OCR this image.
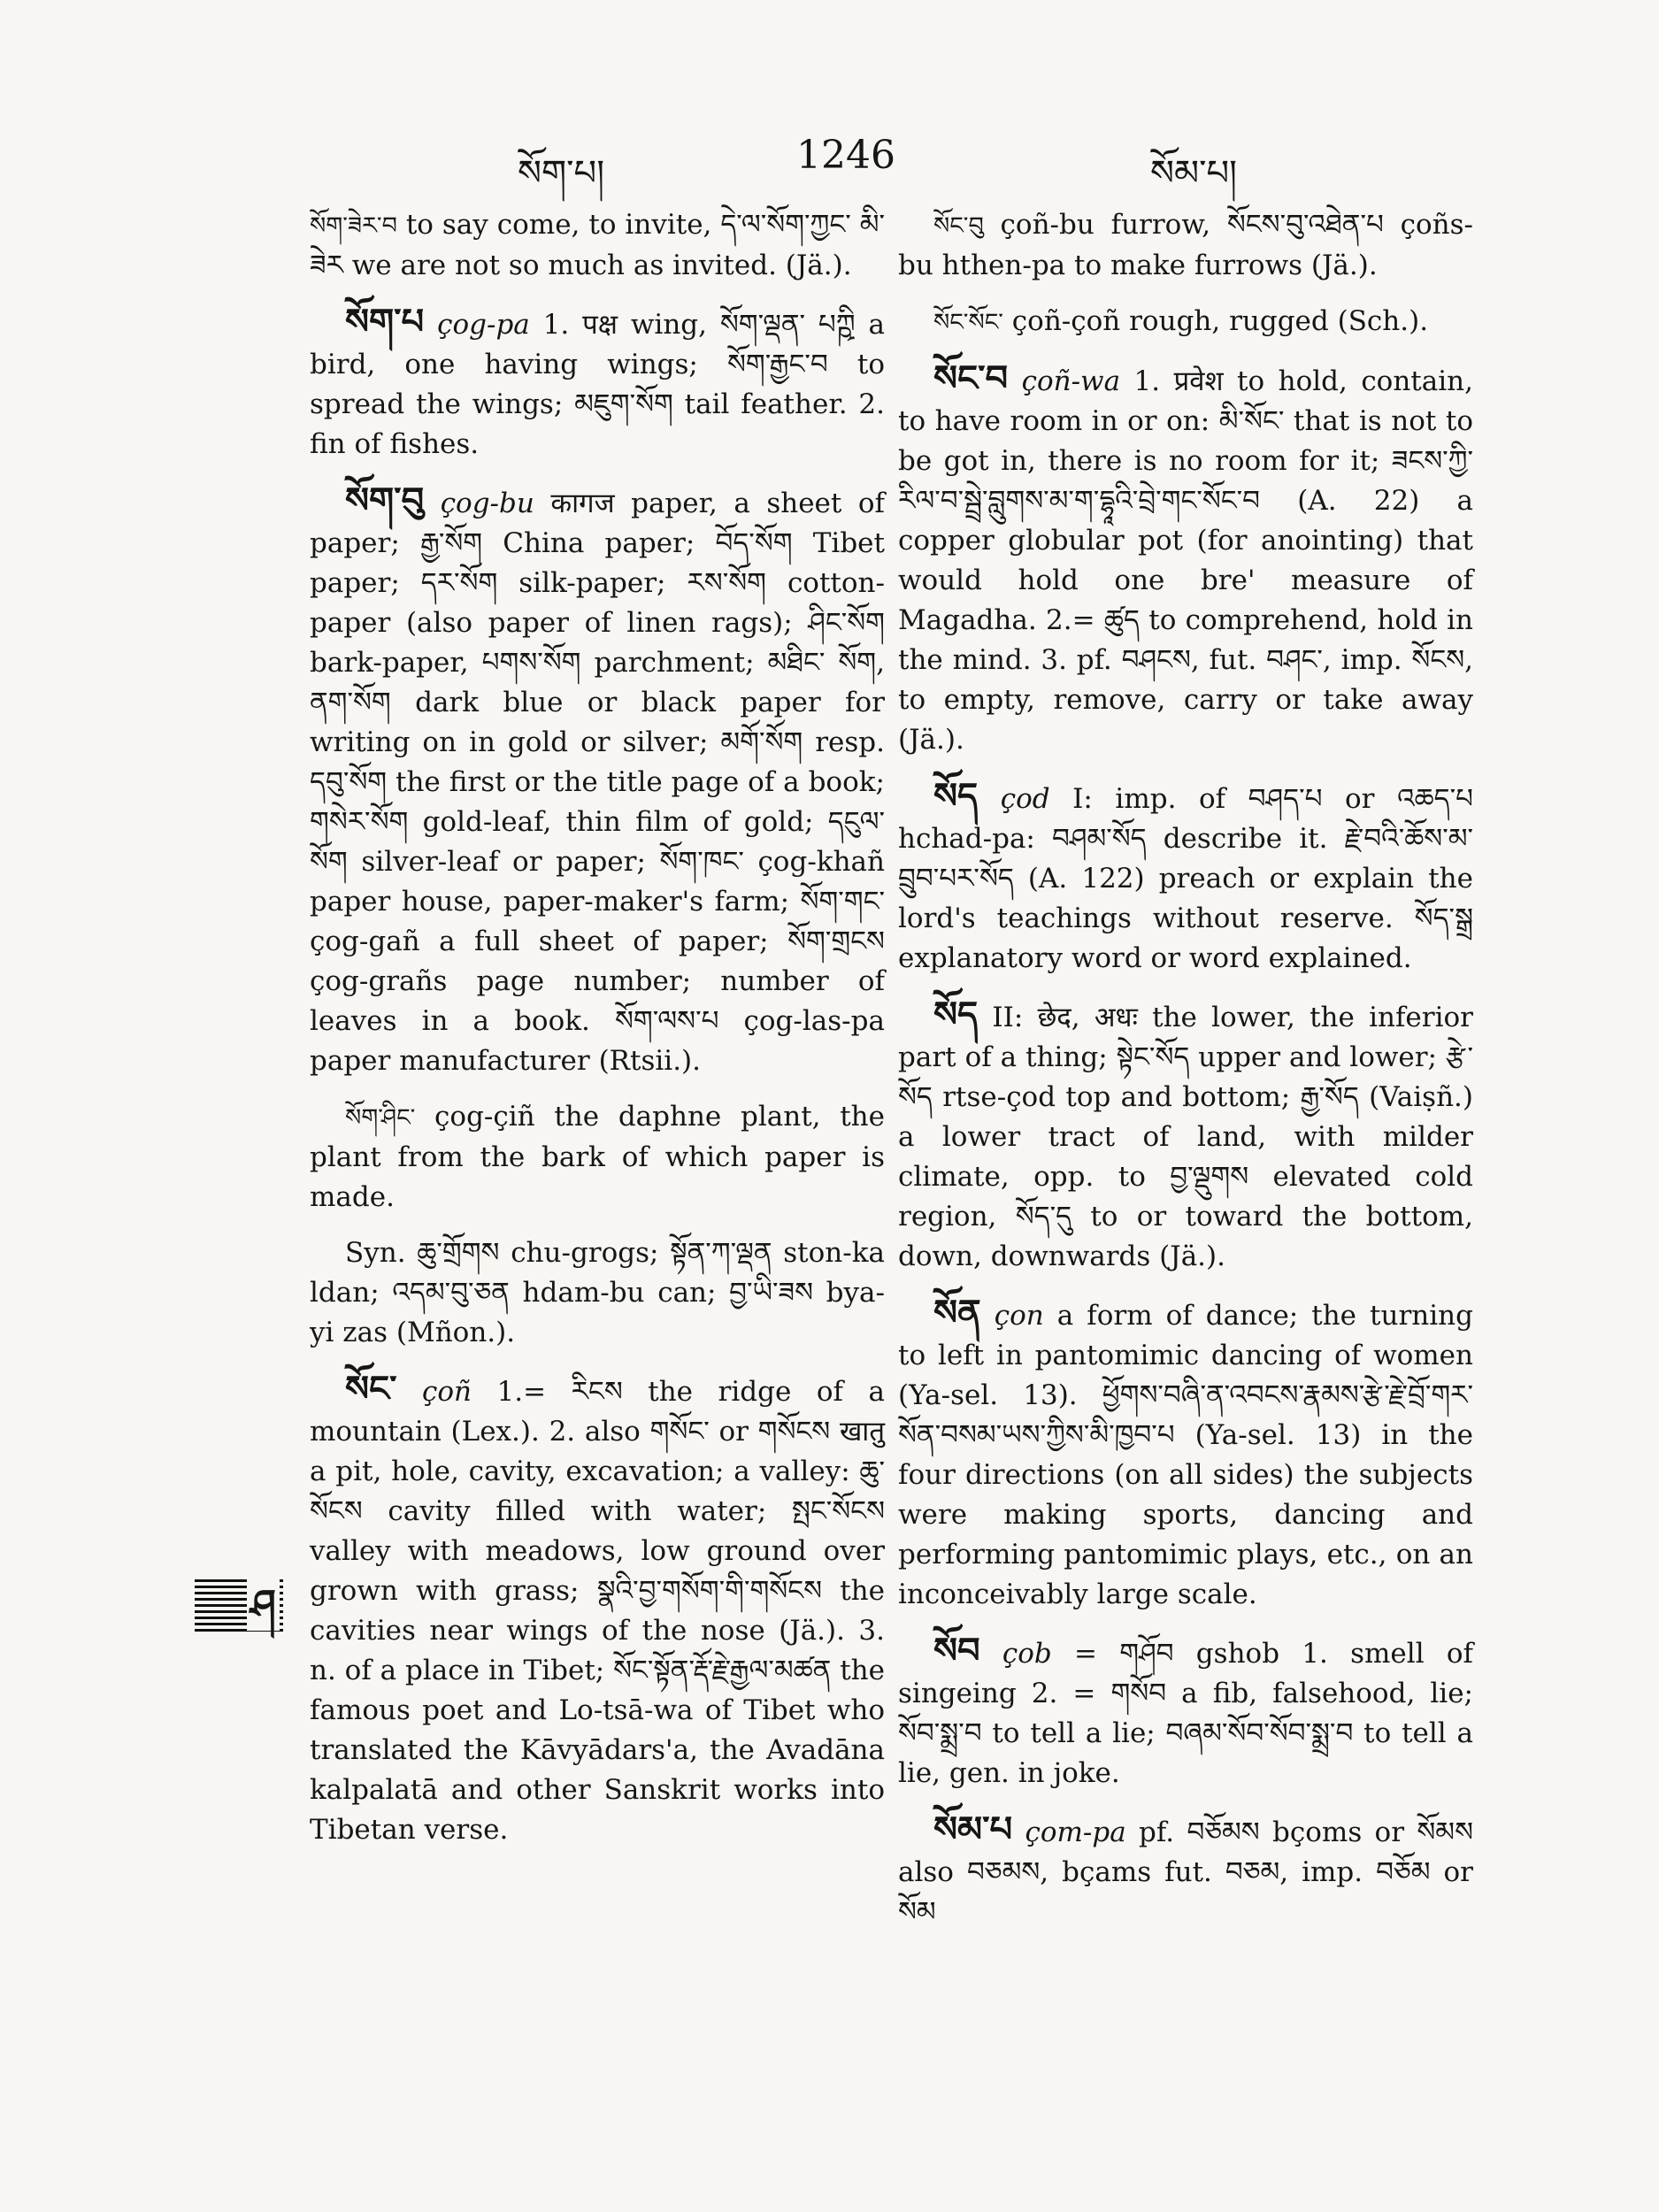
སོག་པ།	1246	སོམ་པ།
ཤ

སོག་ཟེར་བ to say come, to invite, དེ་ལ་སོག་ཀྱང་ མི་ཟེར we are not so much as invited. (Jä.).

སོག་པ çog-pa 1. पक्ष wing, སོག་ལྡན་ པཀྵི a bird, one having wings; སོག་རྒྱང་བ to spread the wings; མཇུག་སོག tail feather. 2. fin of fishes.

སོག་བུ çog-bu कागज paper, a sheet of paper; རྒྱ་སོག China paper; བོད་སོག Tibet paper; དར་སོག silk-paper; རས་སོག cotton-paper (also paper of linen rags); ཤིང་སོག bark-paper, པགས་སོག parchment; མཐིང་ སོག, ནག་སོག dark blue or black paper for writing on in gold or silver; མགོ་སོག resp. དབུ་སོག the first or the title page of a book; གསེར་སོག gold-leaf, thin film of gold; དངུལ་སོག silver-leaf or paper; སོག་ཁང་ çog-khañ paper house, paper-maker's farm; སོག་གང་ çog-gañ a full sheet of paper; སོག་གྲངས çog-grañs page number; number of leaves in a book. སོག་ལས་པ çog-las-pa paper manufacturer (Rtsii.).

སོག་ཤིང་ çog-çiñ the daphne plant, the plant from the bark of which paper is made.

Syn. ཆུ་གྲོགས chu-grogs; སྟོན་ཀ་ལྡན ston-ka ldan; འདམ་བུ་ཅན hdam-bu can; བྱ་ཡི་ཟས bya-yi zas (Mñon.).

སོང་ çoñ 1.= རིངས the ridge of a mountain (Lex.). 2. also གསོང་ or གསོངས खातु a pit, hole, cavity, excavation; a valley: ཆུ་སོངས cavity filled with water; སྤང་སོངས valley with meadows, low ground over grown with grass; སྣའི་བྱ་གསོག་གི་གསོངས the cavities near wings of the nose (Jä.). 3. n. of a place in Tibet; སོང་སྟོན་རྡོ་རྗེ་རྒྱལ་མཚན the famous poet and Lo-tsā-wa of Tibet who translated the Kāvyādars'a, the Avadāna kalpalatā and other Sanskrit works into Tibetan verse.

སོང་བུ çoñ-bu furrow, སོངས་བུ་འཐེན་པ çoñs-bu hthen-pa to make furrows (Jä.).

སོང་སོང་ çoñ-çoñ rough, rugged (Sch.).

སོང་བ çoñ-wa 1. प्रवेश to hold, contain, to have room in or on: མི་སོང་ that is not to be got in, there is no room for it; ཟངས་ཀྱི་རིལ་བ་སྦྲེ་བླུགས་མ་ག་དྷཱའི་བྲེ་གང་སོང་བ (A. 22) a copper globular pot (for anointing) that would hold one bre' measure of Magadha. 2.= ཚུད to comprehend, hold in the mind. 3. pf. བཤངས, fut. བཤང་, imp. སོངས, to empty, remove, carry or take away (Jä.).

སོད çod I: imp. of བཤད་པ or འཆད་པ hchad-pa: བཤམ་སོད describe it. རྗེ་བའི་ཆོས་མ་བྲུབ་པར་སོད (A. 122) preach or explain the lord's teachings without reserve. སོད་སྒྲ explanatory word or word explained.

སོད II: छेद, अधः the lower, the inferior part of a thing; སྟེང་སོད upper and lower; རྩེ་སོད rtse-çod top and bottom; རྒྱ་སོད (Vaiṣñ.) a lower tract of land, with milder climate, opp. to བྱ་ལྡུགས elevated cold region, སོད་དུ to or toward the bottom, down, downwards (Jä.).

སོན çon a form of dance; the turning to left in pantomimic dancing of women (Ya-sel. 13). ཕྱོགས་བཞི་ན་འབངས་རྣམས་རྩེ་རྗེ་བྲོ་གར་སོན་བསམ་ཡས་ཀྱིས་མི་ཁྱབ་པ (Ya-sel. 13) in the four directions (on all sides) the subjects were making sports, dancing and performing pantomimic plays, etc., on an inconceivably large scale.

སོབ çob = གཤོབ gshob 1. smell of singeing 2. = གསོབ a fib, falsehood, lie; སོབ་སྨྲ་བ to tell a lie; བཞམ་སོབ་སོབ་སྨྲ་བ to tell a lie, gen. in joke.

སོམ་པ çom-pa pf. བཅོམས bçoms or སོམས also བཅམས, bçams fut. བཅམ, imp. བཅོམ or སོམ
